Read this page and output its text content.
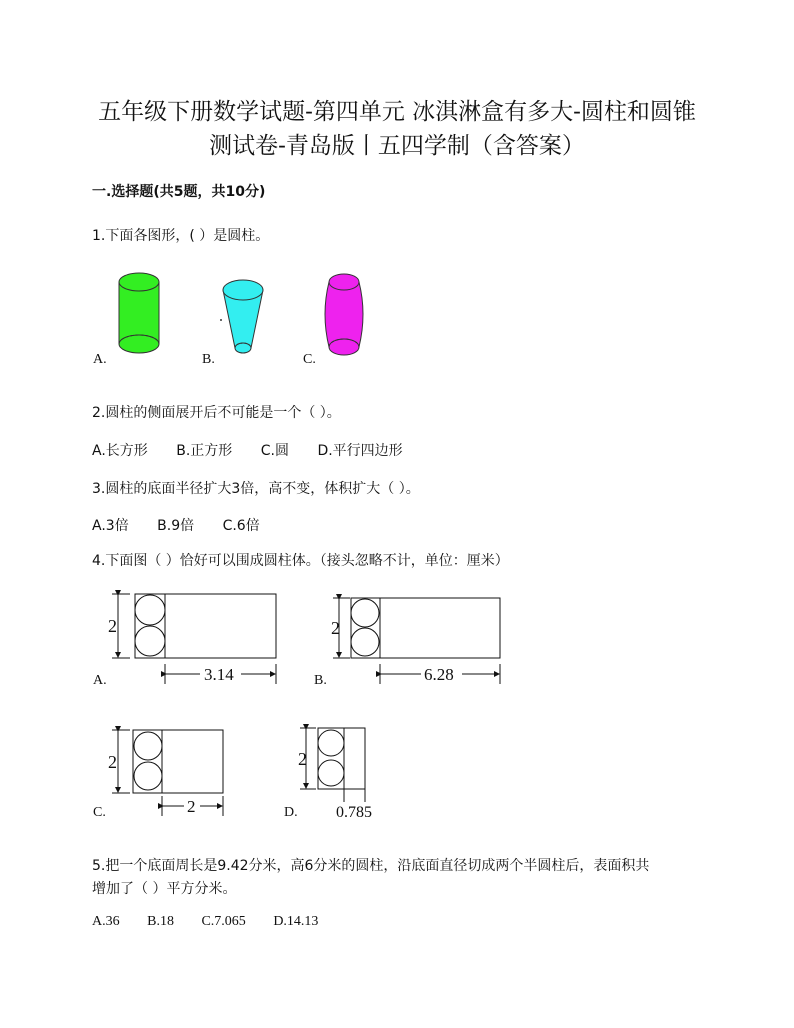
五年级下册数学试题-第四单元 冰淇淋盒有多大-圆柱和圆锥
测试卷-青岛版丨五四学制（含答案）
一.选择题(共5题，共10分)
1.下面各图形，( ）是圆柱。
A.	B.	C.
2.圆柱的侧面展开后不可能是一个（ ）。
A.长方形 B.正方形 C.圆 D.平行四边形
3.圆柱的底面半径扩大3倍，高不变，体积扩大（ ）。
A.3倍 B.9倍 C.6倍
4.下面图（ ）恰好可以围成圆柱体。（接头忽略不计，单位：厘米）
2
3.14
A.
2
6.28
B.
2
2
C.
2
0.785
D.
5.把一个底面周长是9.42分米，高6分米的圆柱，沿底面直径切成两个半圆柱后，表面积共
增加了（ ）平方分米。
A.36 B.18 C.7.065 D.14.13
